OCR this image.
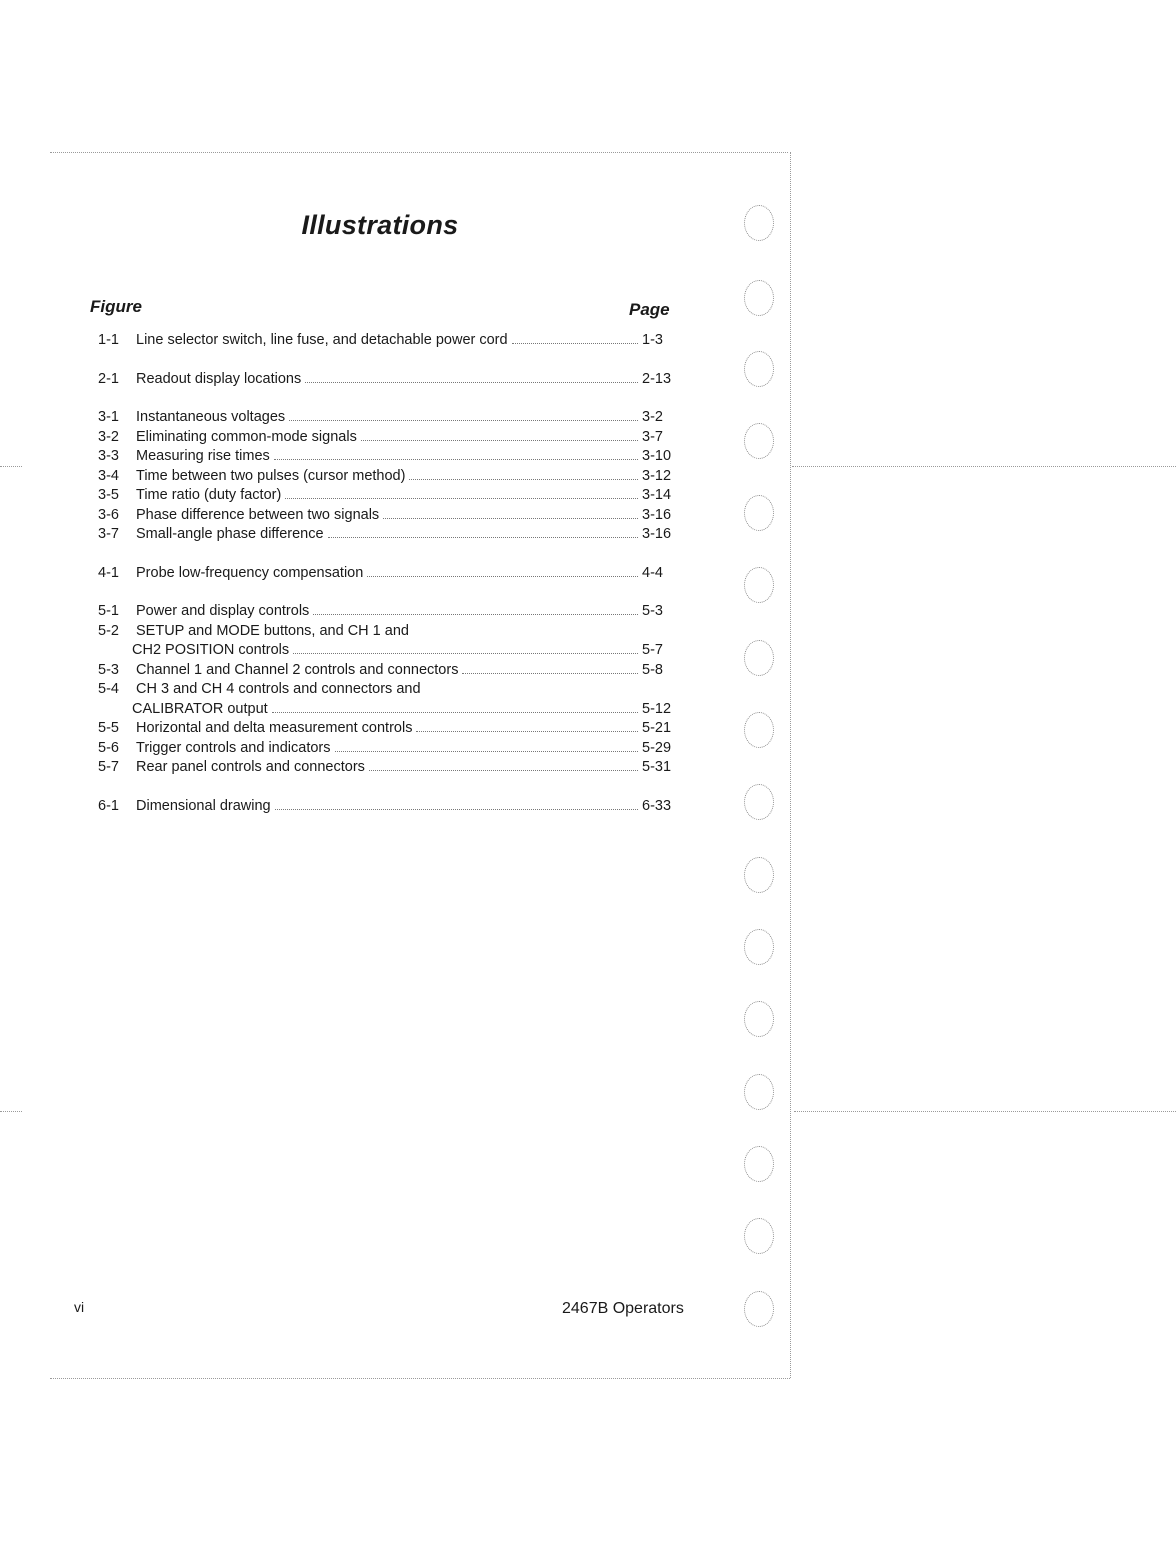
Illustrations
Figure	Page
1-1	Line selector switch, line fuse, and detachable power cord	1-3
2-1	Readout display locations	2-13
3-1	Instantaneous voltages	3-2
3-2	Eliminating common-mode signals	3-7
3-3	Measuring rise times	3-10
3-4	Time between two pulses (cursor method)	3-12
3-5	Time ratio (duty factor)	3-14
3-6	Phase difference between two signals	3-16
3-7	Small-angle phase difference	3-16
4-1	Probe low-frequency compensation	4-4
5-1	Power and display controls	5-3
5-2	SETUP and MODE buttons, and CH 1 and
CH2 POSITION controls	5-7
5-3	Channel 1 and Channel 2 controls and connectors	5-8
5-4	CH 3 and CH 4 controls and connectors and
CALIBRATOR output	5-12
5-5	Horizontal and delta measurement controls	5-21
5-6	Trigger controls and indicators	5-29
5-7	Rear panel controls and connectors	5-31
6-1	Dimensional drawing	6-33
vi	2467B Operators
